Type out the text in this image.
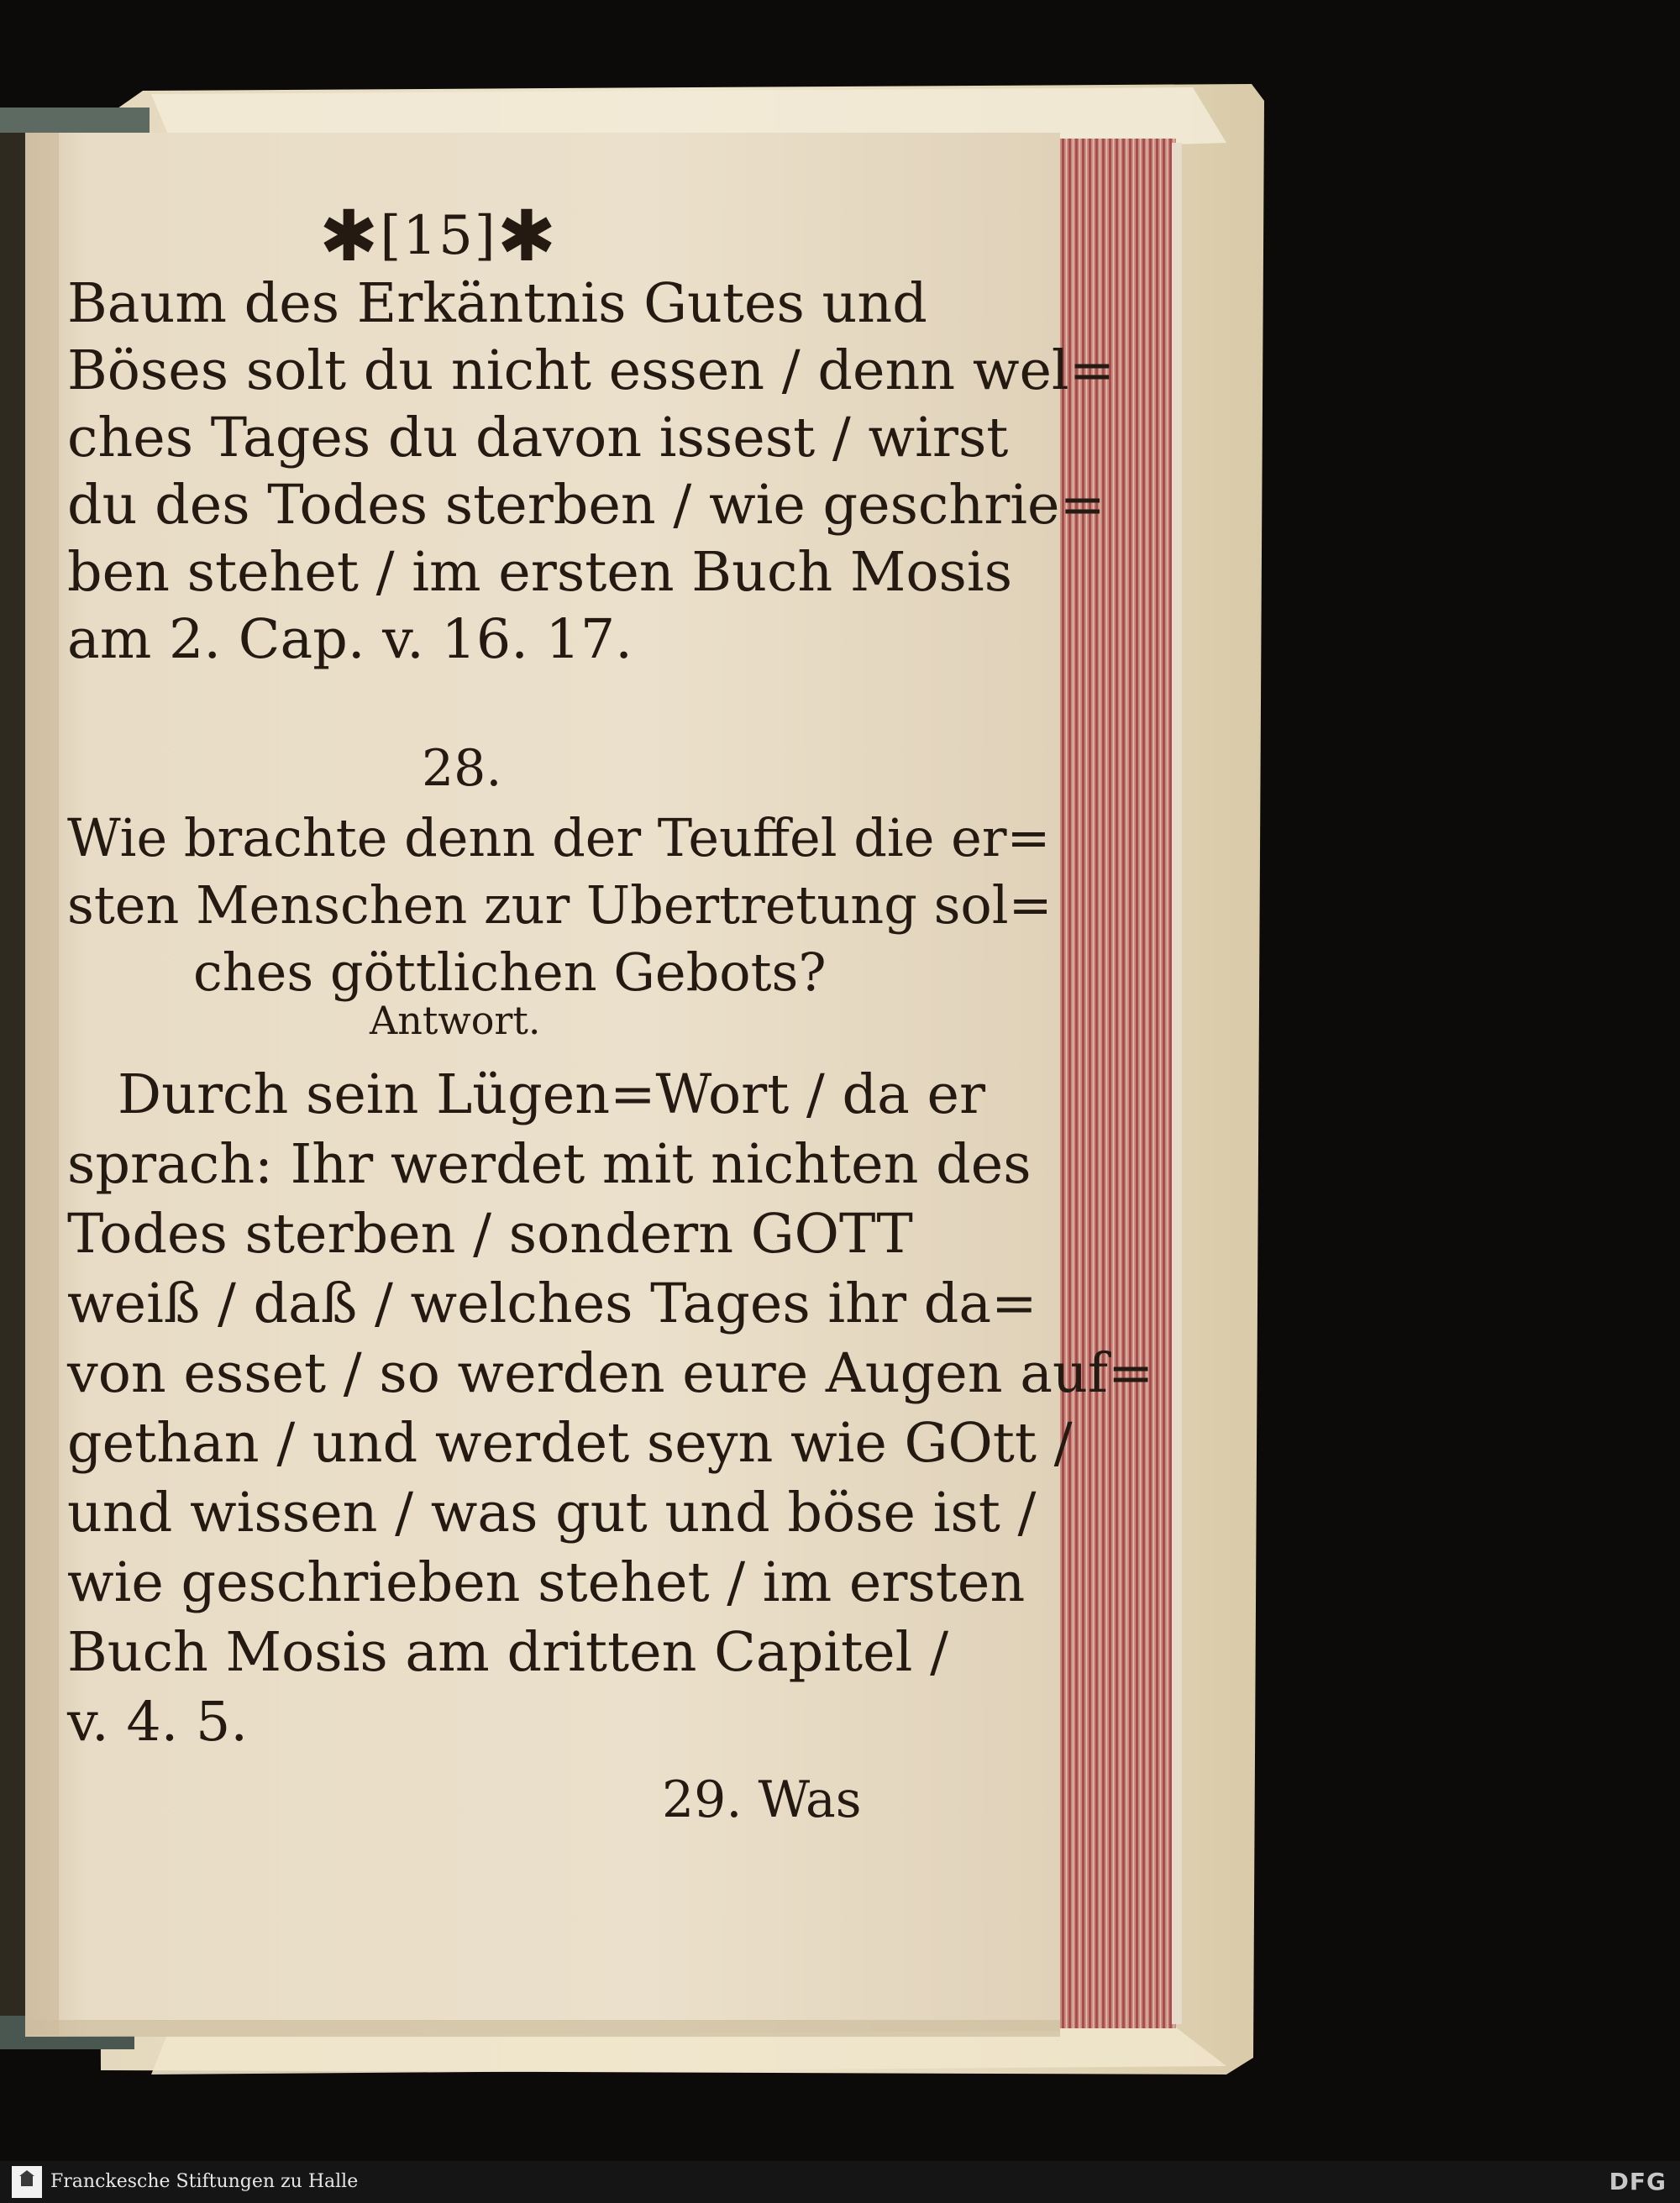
✱[15]✱
Baum des Erkäntnis Gutes und
Böses solt du nicht essen / denn wel=
ches Tages du davon issest / wirst
du des Todes sterben / wie geschrie=
ben stehet / im ersten Buch Mosis
am 2. Cap. v. 16. 17.
28.
Wie brachte denn der Teuffel die er=
sten Menschen zur Ubertretung sol=
ches göttlichen Gebots?
Antwort.
Durch sein Lügen=Wort / da er
sprach: Ihr werdet mit nichten des
Todes sterben / sondern GOTT
weiß / daß / welches Tages ihr da=
von esset / so werden eure Augen auf=
gethan / und werdet seyn wie GOtt /
und wissen / was gut und böse ist /
wie geschrieben stehet / im ersten
Buch Mosis am dritten Capitel /
v. 4. 5.
29. Was
Franckesche Stiftungen zu Halle	DFG
